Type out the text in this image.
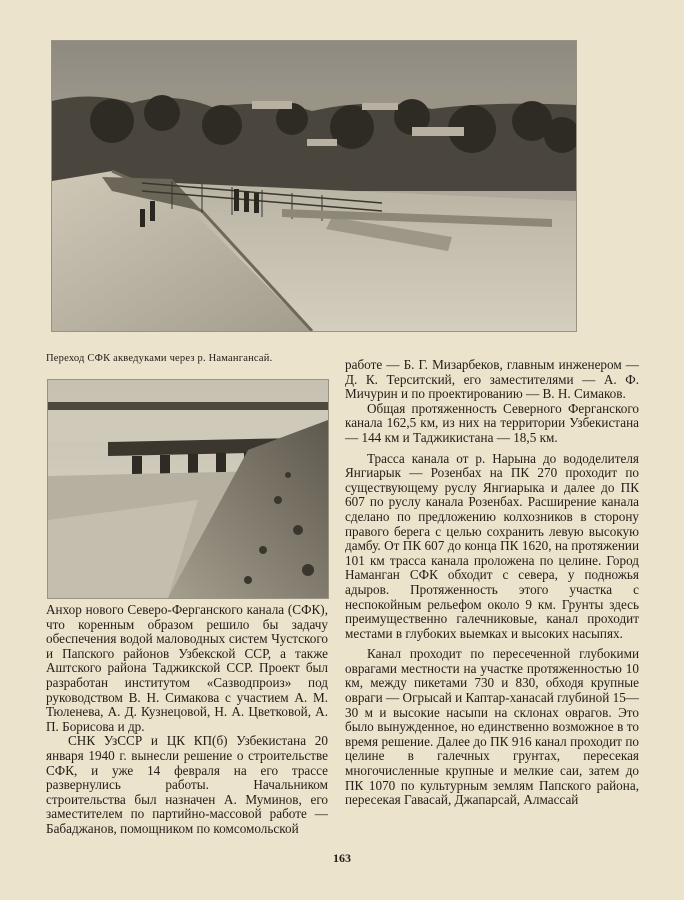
Переход СФК акведуками через р. Намангансай.

Анхор нового Северо-Ферганского канала (СФК), что коренным образом решило бы задачу обеспечения водой маловодных систем Чустского и Папского районов Узбекской ССР, а также Аштского района Таджикской ССР. Проект был разработан институтом «Сазводпроиз» под руководством В. Н. Симакова с участием А. М. Тюленева, А. Д. Кузнецовой, Н. А. Цветковой, А. П. Борисова и др.

СНК УзССР и ЦК КП(б) Узбекистана 20 января 1940 г. вынесли решение о строительстве СФК, и уже 14 февраля на его трассе развернулись работы. Начальником строительства был назначен А. Муминов, его заместителем по партийно-массовой работе — Бабаджанов, помощником по комсомольской

работе — Б. Г. Мизарбеков, главным инженером — Д. К. Терситский, его заместителями — А. Ф. Мичурин и по проектированию — В. Н. Симаков.

Общая протяженность Северного Ферганского канала 162,5 км, из них на территории Узбекистана — 144 км и Таджикистана — 18,5 км.

Трасса канала от р. Нарына до вододелителя Янгиарык — Розенбах на ПК 270 проходит по существующему руслу Янгиарыка и далее до ПК 607 по руслу канала Розенбах. Расширение канала сделано по предложению колхозников в сторону правого берега с целью сохранить левую высокую дамбу. От ПК 607 до конца ПК 1620, на протяжении 101 км трасса канала проложена по целине. Город Наманган СФК обходит с севера, у подножья адыров. Протяженность этого участка с неспокойным рельефом около 9 км. Грунты здесь преимущественно галечниковые, канал проходит местами в глубоких выемках и высоких насыпях.

Канал проходит по пересеченной глубокими оврагами местности на участке протяженностью 10 км, между пикетами 730 и 830, обходя крупные овраги — Огрысай и Каптар-ханасай глубиной 15—30 м и высокие насыпи на склонах оврагов. Это было вынужденное, но единственно возможное в то время решение. Далее до ПК 916 канал проходит по целине в галечных грунтах, пересекая многочисленные крупные и мелкие саи, затем до ПК 1070 по культурным землям Папского района, пересекая Гавасай, Джапарсай, Алмассай

163
